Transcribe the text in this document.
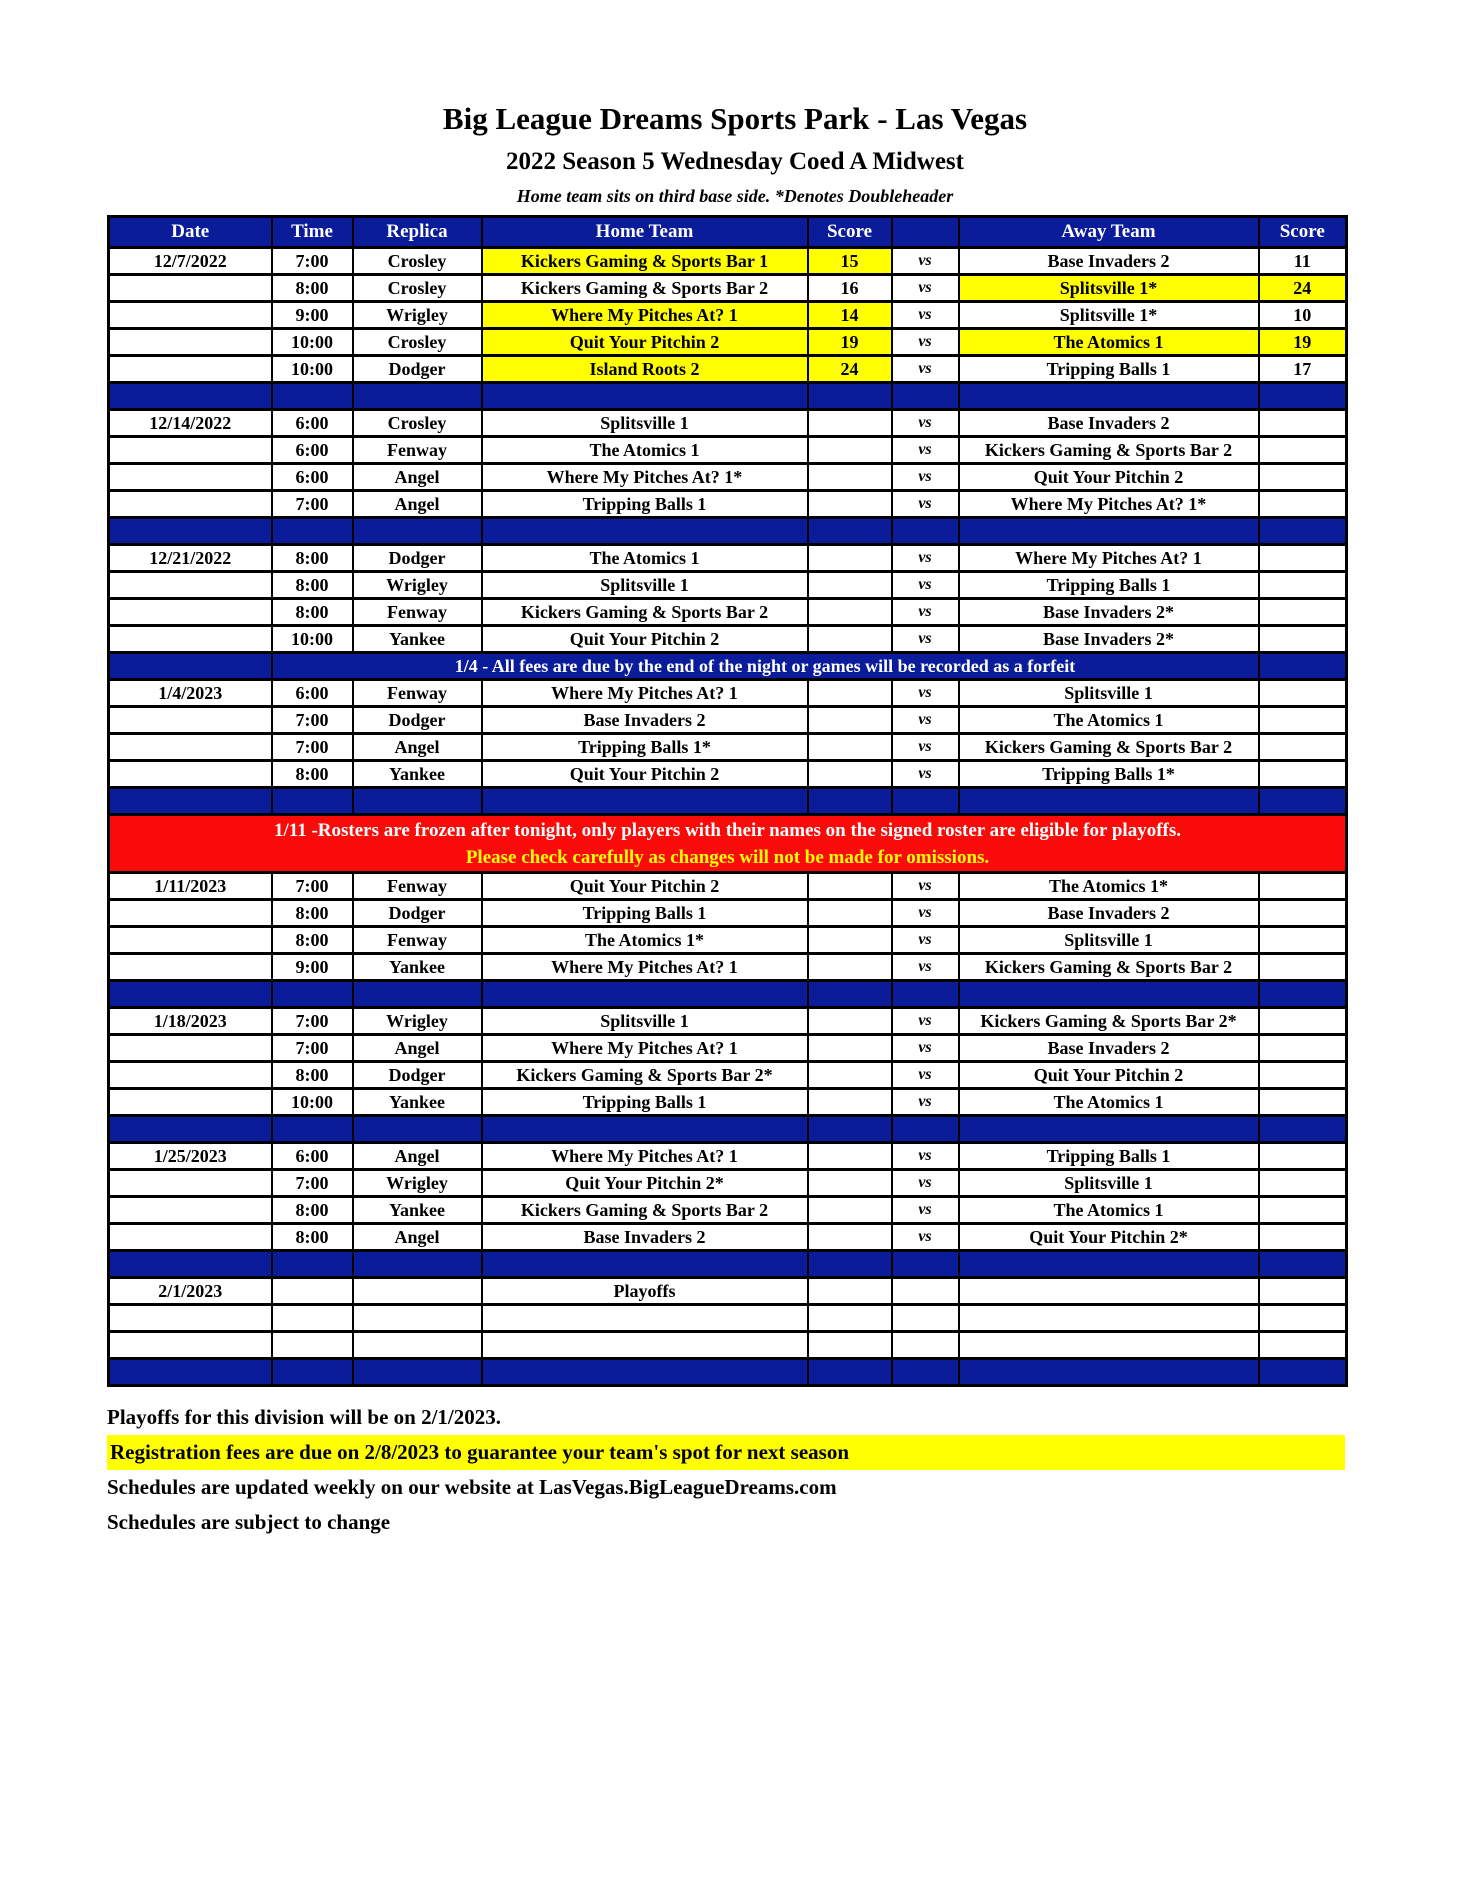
Big League Dreams Sports Park - Las Vegas
2022 Season 5 Wednesday Coed A Midwest
Home team sits on third base side. *Denotes Doubleheader
Date	Time	Replica	Home Team	Score		Away Team	Score
12/7/2022	7:00	Crosley	Kickers Gaming & Sports Bar 1	15	vs	Base Invaders 2	11
	8:00	Crosley	Kickers Gaming & Sports Bar 2	16	vs	Splitsville 1*	24
	9:00	Wrigley	Where My Pitches At? 1	14	vs	Splitsville 1*	10
	10:00	Crosley	Quit Your Pitchin 2	19	vs	The Atomics 1	19
	10:00	Dodger	Island Roots 2	24	vs	Tripping Balls 1	17

12/14/2022	6:00	Crosley	Splitsville 1		vs	Base Invaders 2	
	6:00	Fenway	The Atomics 1		vs	Kickers Gaming & Sports Bar 2	
	6:00	Angel	Where My Pitches At? 1*		vs	Quit Your Pitchin 2	
	7:00	Angel	Tripping Balls 1		vs	Where My Pitches At? 1*	

12/21/2022	8:00	Dodger	The Atomics 1		vs	Where My Pitches At? 1	
	8:00	Wrigley	Splitsville 1		vs	Tripping Balls 1	
	8:00	Fenway	Kickers Gaming & Sports Bar 2		vs	Base Invaders 2*	
	10:00	Yankee	Quit Your Pitchin 2		vs	Base Invaders 2*	
	1/4 - All fees are due by the end of the night or games will be recorded as a forfeit						
1/4/2023	6:00	Fenway	Where My Pitches At? 1		vs	Splitsville 1	
	7:00	Dodger	Base Invaders 2		vs	The Atomics 1	
	7:00	Angel	Tripping Balls 1*		vs	Kickers Gaming & Sports Bar 2	
	8:00	Yankee	Quit Your Pitchin 2		vs	Tripping Balls 1*	

1/11 -Rosters are frozen after tonight, only players with their names on the signed roster are eligible for playoffs.
Please check carefully as changes will not be made for omissions.							

1/11/2023	7:00	Fenway	Quit Your Pitchin 2		vs	The Atomics 1*	
	8:00	Dodger	Tripping Balls 1		vs	Base Invaders 2	
	8:00	Fenway	The Atomics 1*		vs	Splitsville 1	
	9:00	Yankee	Where My Pitches At? 1		vs	Kickers Gaming & Sports Bar 2	

1/18/2023	7:00	Wrigley	Splitsville 1		vs	Kickers Gaming & Sports Bar 2*	
	7:00	Angel	Where My Pitches At? 1		vs	Base Invaders 2	
	8:00	Dodger	Kickers Gaming & Sports Bar 2*		vs	Quit Your Pitchin 2	
	10:00	Yankee	Tripping Balls 1		vs	The Atomics 1	

1/25/2023	6:00	Angel	Where My Pitches At? 1		vs	Tripping Balls 1	
	7:00	Wrigley	Quit Your Pitchin 2*		vs	Splitsville 1	
	8:00	Yankee	Kickers Gaming & Sports Bar 2		vs	The Atomics 1	
	8:00	Angel	Base Invaders 2		vs	Quit Your Pitchin 2*	

2/1/2023			Playoffs				

Playoffs for this division will be on 2/1/2023.
Registration fees are due on 2/8/2023 to guarantee your team's spot for next season
Schedules are updated weekly on our website at LasVegas.BigLeagueDreams.com
Schedules are subject to change
